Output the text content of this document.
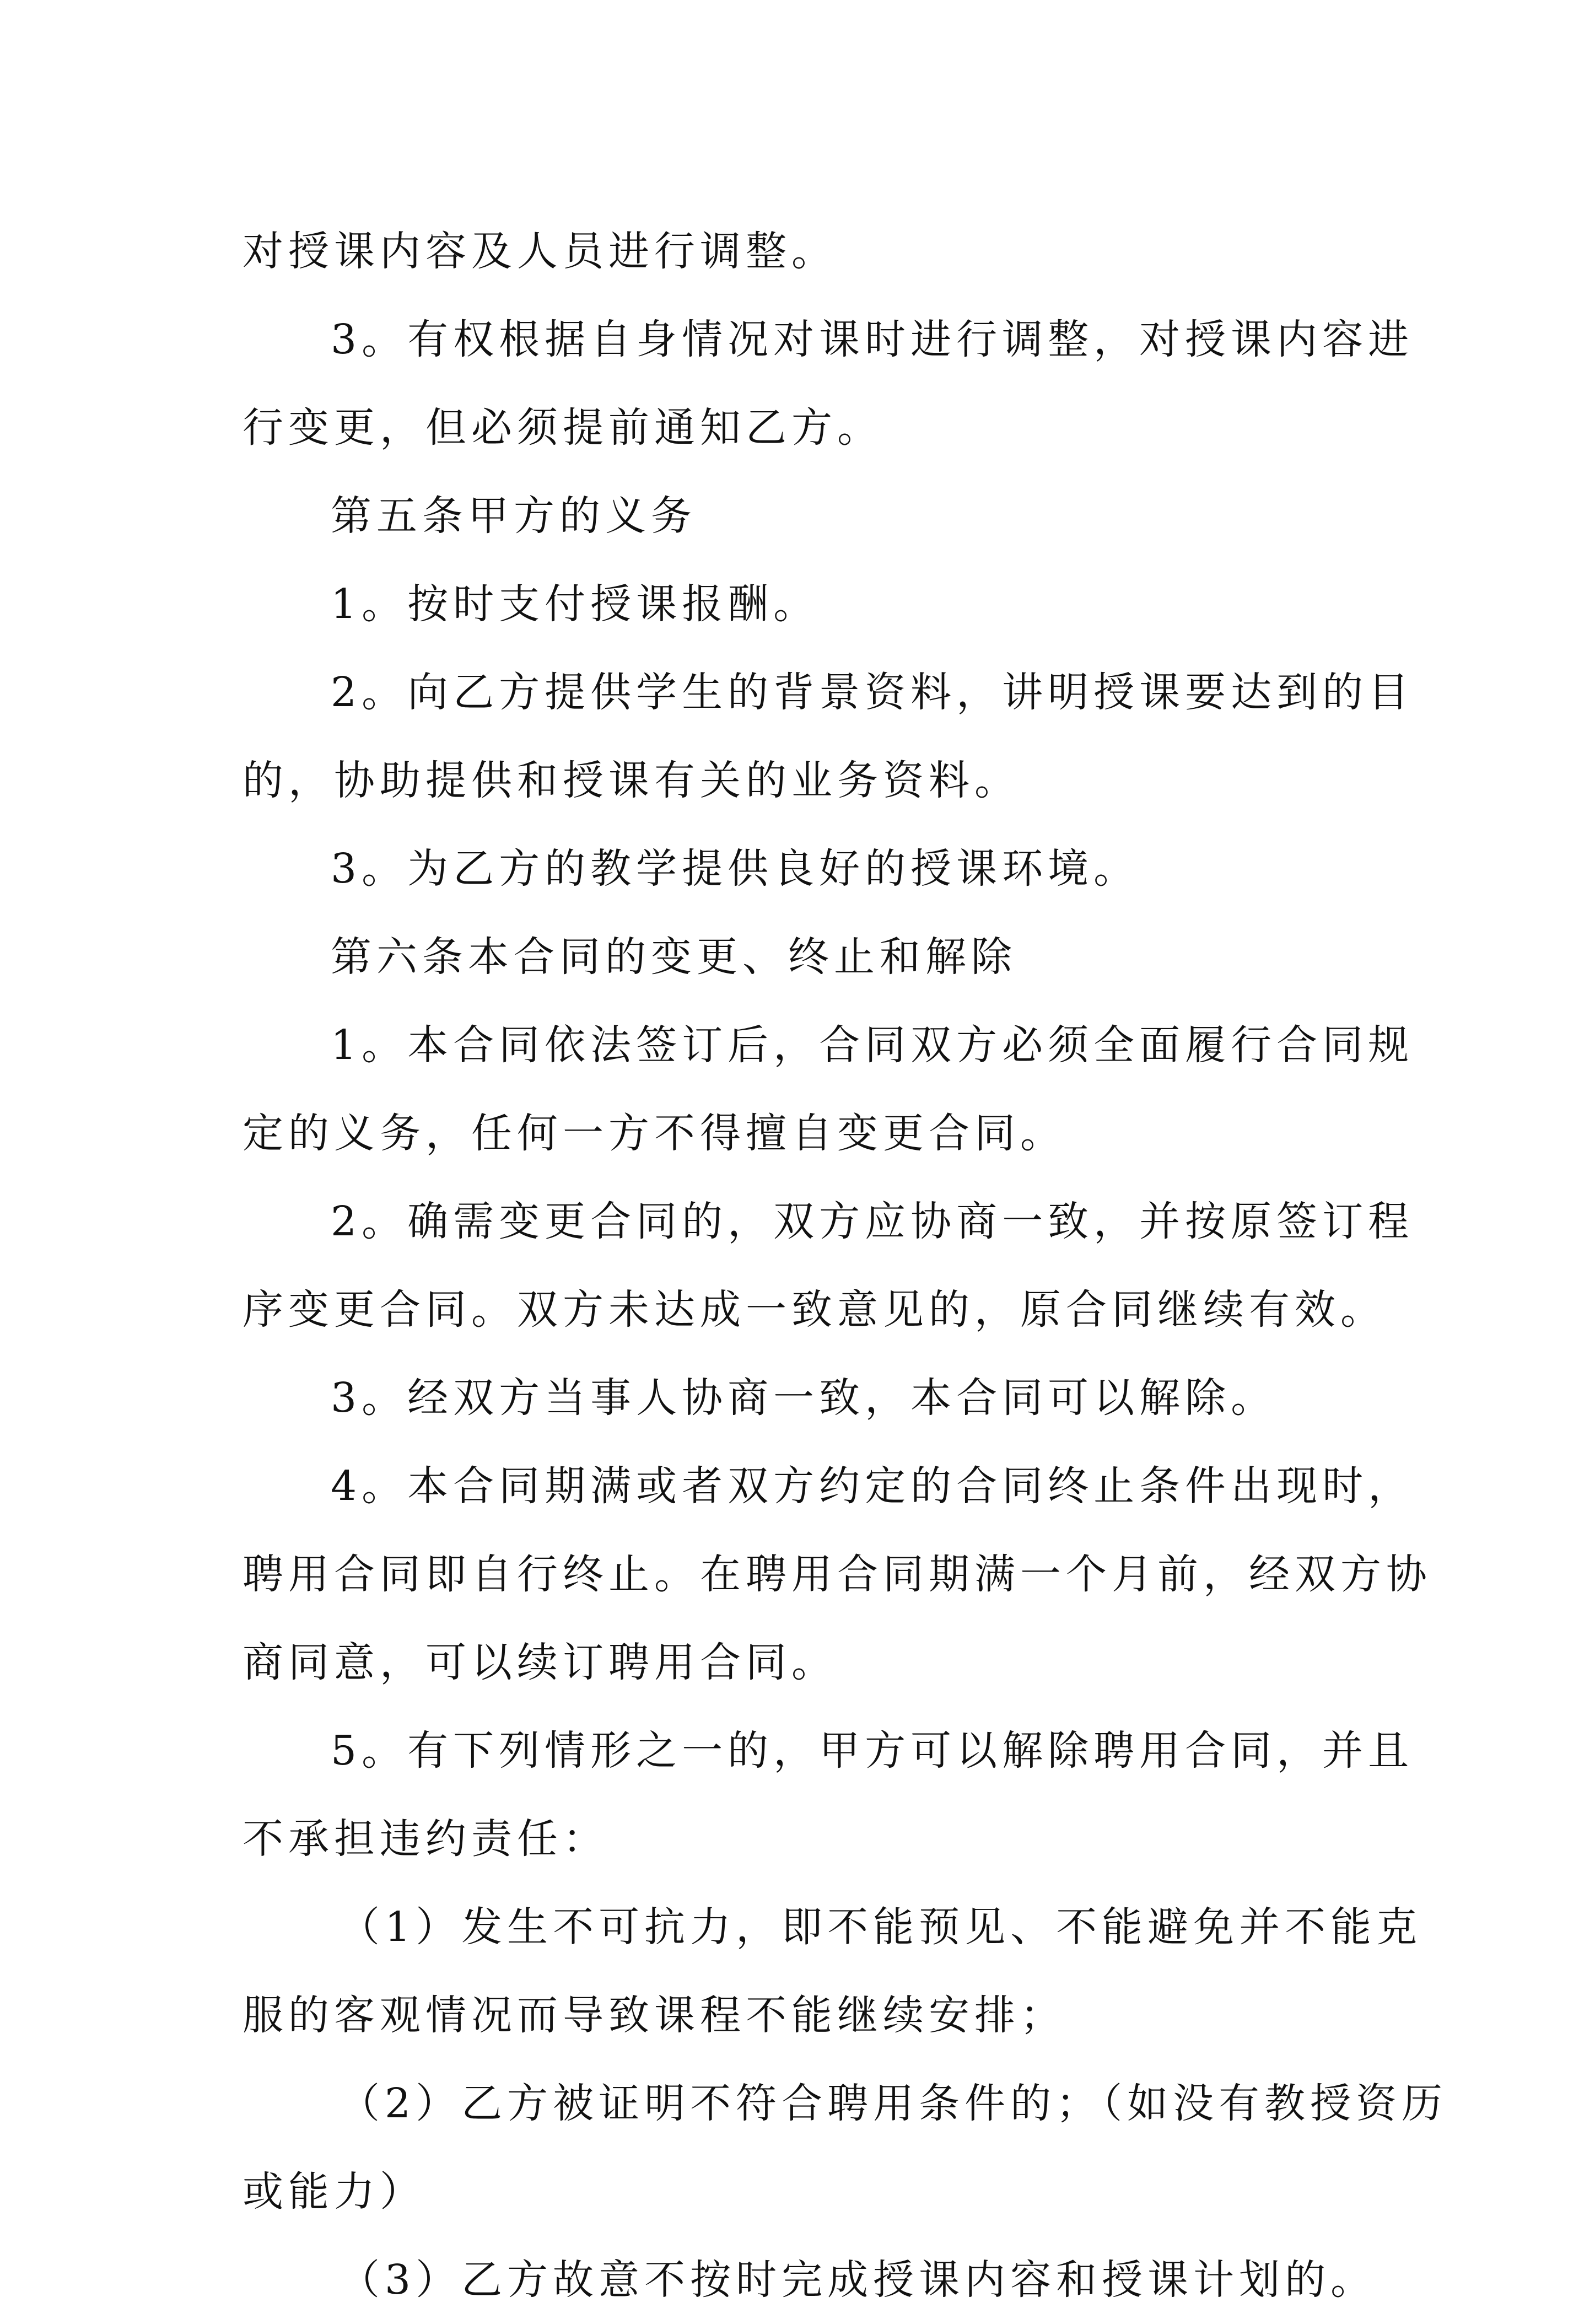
对授课内容及人员进行调整。
3。有权根据自身情况对课时进行调整，对授课内容进
行变更，但必须提前通知乙方。
第五条甲方的义务
1。按时支付授课报酬。
2。向乙方提供学生的背景资料，讲明授课要达到的目
的，协助提供和授课有关的业务资料。
3。为乙方的教学提供良好的授课环境。
第六条本合同的变更、终止和解除
1。本合同依法签订后，合同双方必须全面履行合同规
定的义务，任何一方不得擅自变更合同。
2。确需变更合同的，双方应协商一致，并按原签订程
序变更合同。双方未达成一致意见的，原合同继续有效。
3。经双方当事人协商一致，本合同可以解除。
4。本合同期满或者双方约定的合同终止条件出现时，
聘用合同即自行终止。在聘用合同期满一个月前，经双方协
商同意，可以续订聘用合同。
5。有下列情形之一的，甲方可以解除聘用合同，并且
不承担违约责任：
（1）发生不可抗力，即不能预见、不能避免并不能克
服的客观情况而导致课程不能继续安排；
（2）乙方被证明不符合聘用条件的；（如没有教授资历
或能力）
（3）乙方故意不按时完成授课内容和授课计划的。
